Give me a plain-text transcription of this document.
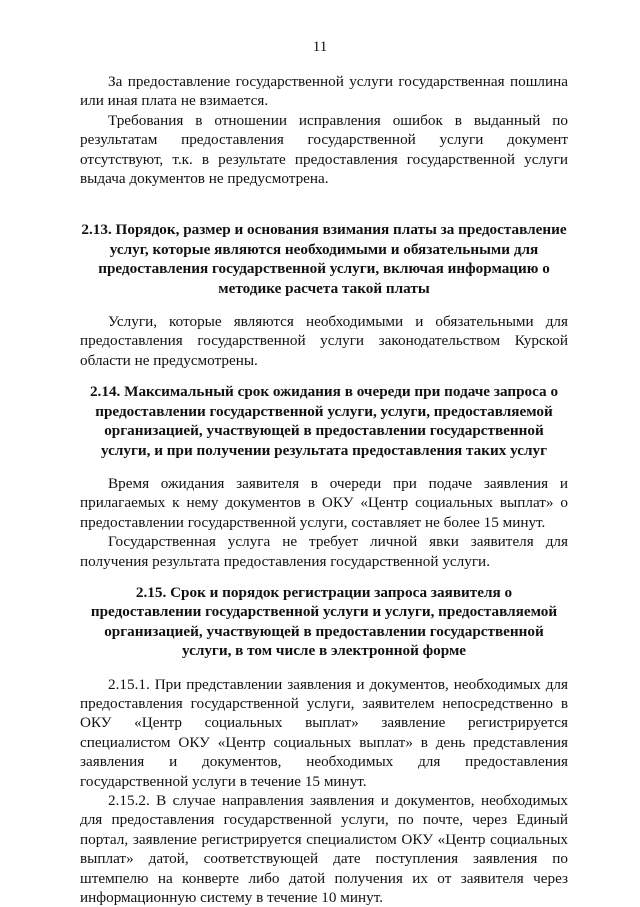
11

За предоставление государственной услуги государственная пошлина или иная плата не взимается.

Требования в отношении исправления ошибок в выданный по результатам предоставления государственной услуги документ отсутствуют, т.к. в результате предоставления государственной услуги выдача документов не предусмотрена.

2.13. Порядок, размер и основания взимания платы за предоставление услуг, которые являются необходимыми и обязательными для предоставления государственной услуги, включая информацию о методике расчета такой платы

Услуги, которые являются необходимыми и обязательными для предоставления государственной услуги законодательством Курской области не предусмотрены.

2.14. Максимальный срок ожидания в очереди при подаче запроса о предоставлении государственной услуги, услуги, предоставляемой организацией, участвующей в предоставлении государственной услуги, и при получении результата предоставления таких услуг

Время ожидания заявителя в очереди при подаче заявления и прилагаемых к нему документов в ОКУ «Центр социальных выплат» о предоставлении государственной услуги, составляет не более 15 минут.

Государственная услуга не требует личной явки заявителя для получения результата предоставления государственной услуги.

2.15. Срок и порядок регистрации запроса заявителя о предоставлении государственной услуги и услуги, предоставляемой организацией, участвующей в предоставлении государственной услуги, в том числе в электронной форме

2.15.1. При представлении заявления и документов, необходимых для предоставления государственной услуги, заявителем непосредственно в ОКУ «Центр социальных выплат» заявление регистрируется специалистом ОКУ «Центр социальных выплат» в день представления заявления и документов, необходимых для предоставления государственной услуги в течение 15 минут.

2.15.2. В случае направления заявления и документов, необходимых для предоставления государственной услуги, по почте, через Единый портал, заявление регистрируется специалистом ОКУ «Центр социальных выплат» датой, соответствующей дате поступления заявления по штемпелю на конверте либо датой получения их от заявителя через информационную систему в течение 10 минут.
